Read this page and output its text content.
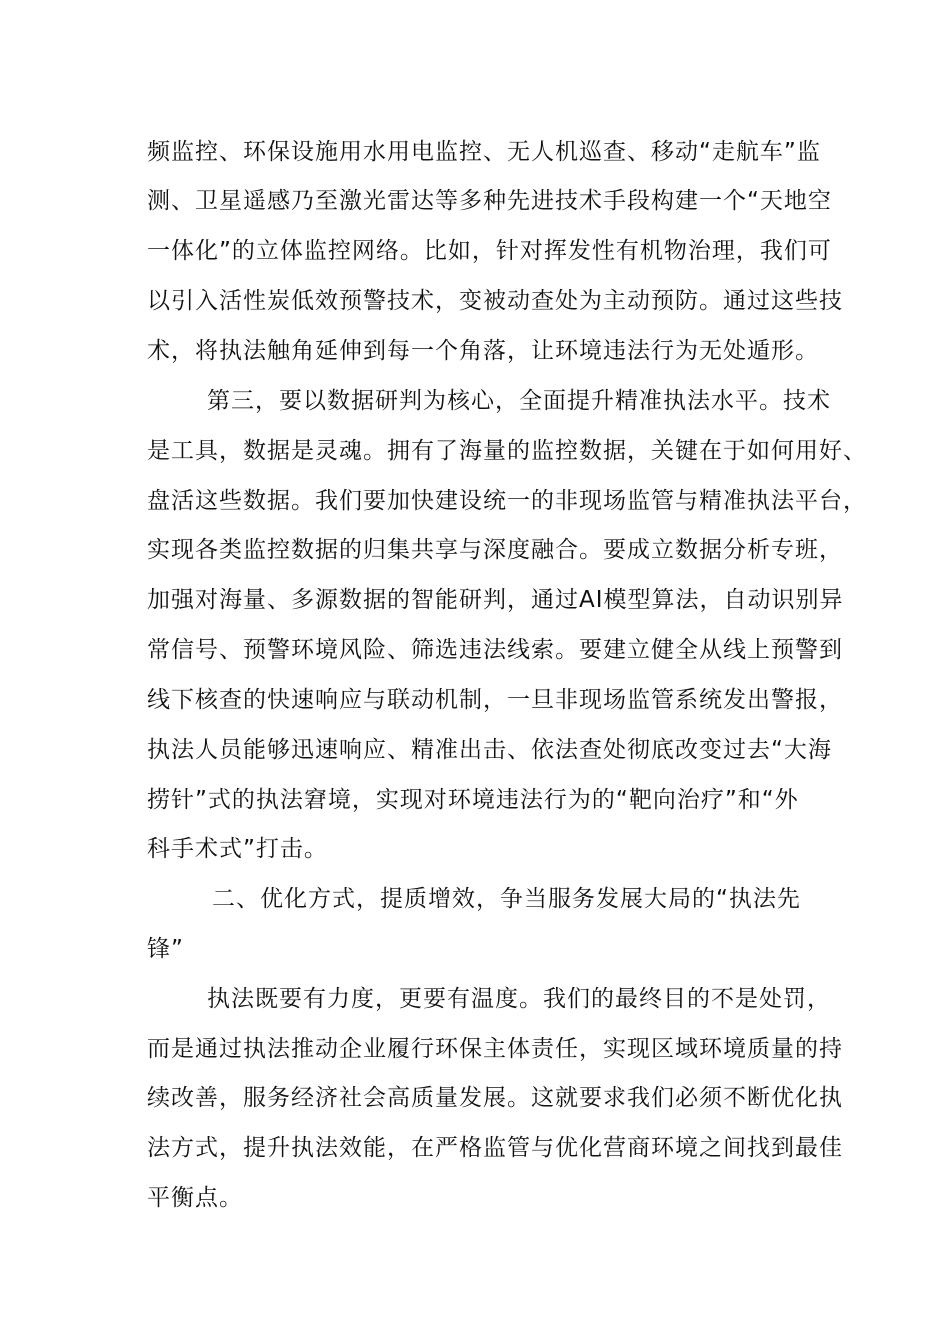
频监控、环保设施用水用电监控、无人机巡查、移动“走航车”监

测、卫星遥感乃至激光雷达等多种先进技术手段构建一个“天地空

一体化”的立体监控网络。比如，针对挥发性有机物治理，我们可

以引入活性炭低效预警技术，变被动查处为主动预防。通过这些技

术，将执法触角延伸到每一个角落，让环境违法行为无处遁形。

第三，要以数据研判为核心，全面提升精准执法水平。技术

是工具，数据是灵魂。拥有了海量的监控数据，关键在于如何用好、

盘活这些数据。我们要加快建设统一的非现场监管与精准执法平台，

实现各类监控数据的归集共享与深度融合。要成立数据分析专班，

加强对海量、多源数据的智能研判，通过AI模型算法，自动识别异

常信号、预警环境风险、筛选违法线索。要建立健全从线上预警到

线下核查的快速响应与联动机制，一旦非现场监管系统发出警报，

执法人员能够迅速响应、精准出击、依法查处彻底改变过去“大海

捞针”式的执法窘境，实现对环境违法行为的“靶向治疗”和“外

科手术式”打击。

二、优化方式，提质增效，争当服务发展大局的“执法先

锋”

执法既要有力度，更要有温度。我们的最终目的不是处罚，

而是通过执法推动企业履行环保主体责任，实现区域环境质量的持

续改善，服务经济社会高质量发展。这就要求我们必须不断优化执

法方式，提升执法效能，在严格监管与优化营商环境之间找到最佳

平衡点。
